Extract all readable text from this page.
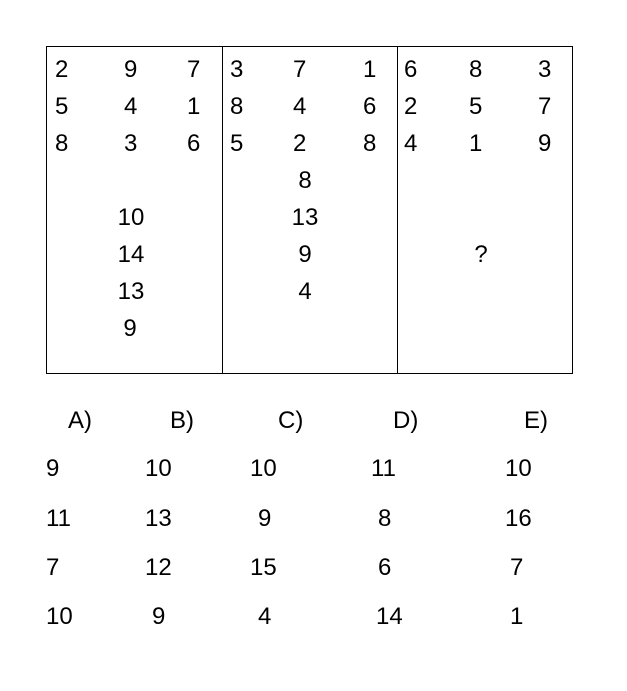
2 9 7
5 4 1
8 3 6
10
14
13
9
3 7 1
8 4 6
5 2 8
8
13
9
4
6 8 3
2 5 7
4 1 9
?
A)
9
11
7
10
B)
10
13
12
9
C)
10
9
15
4
D)
11
8
6
14
E)
10
16
7
1
